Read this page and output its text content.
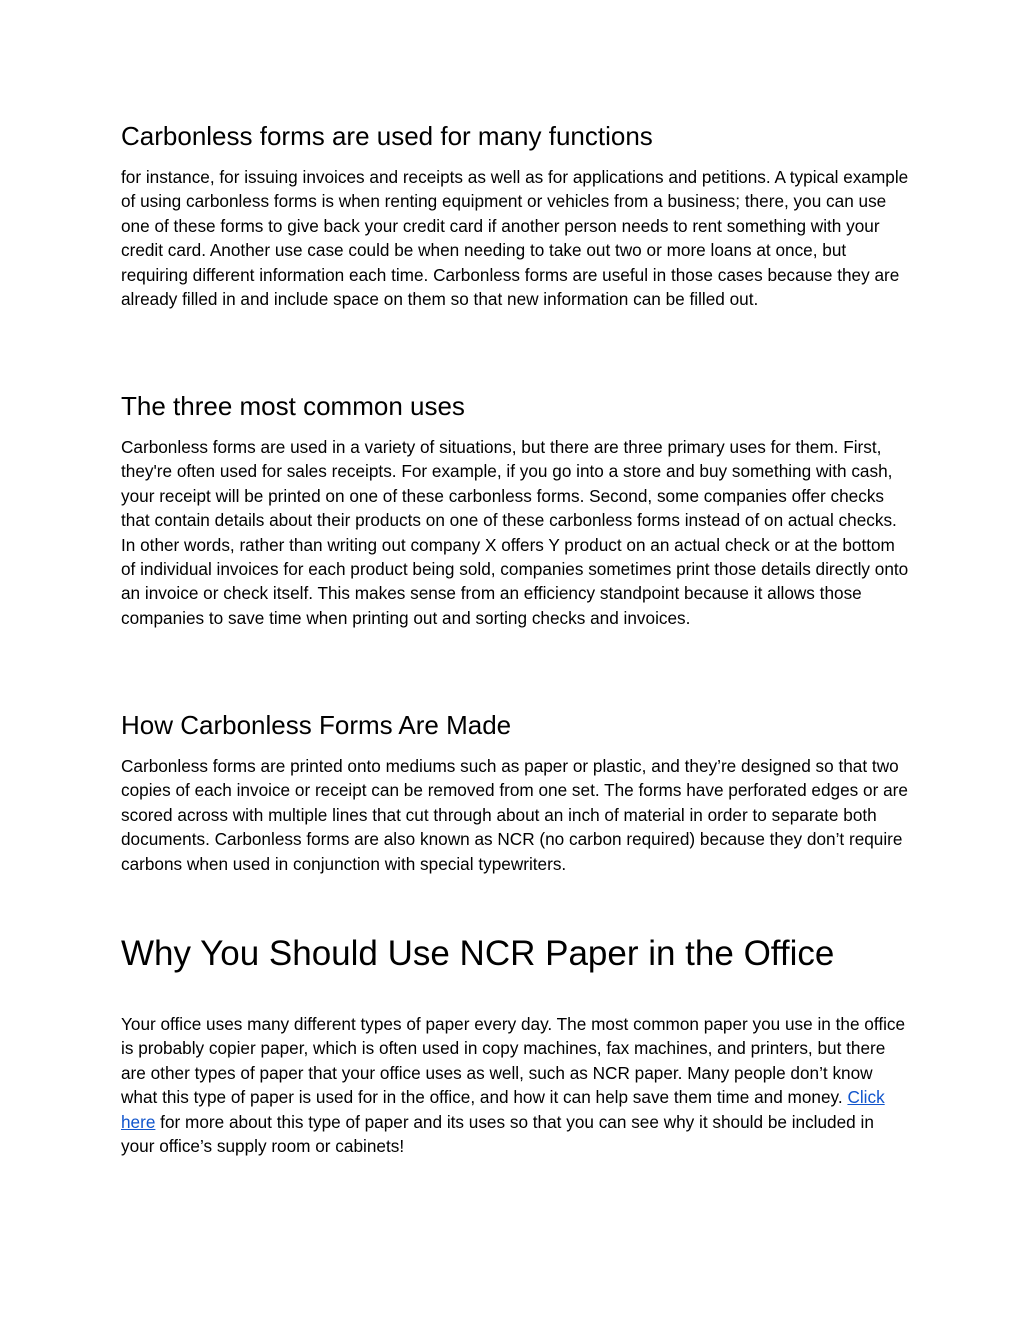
Carbonless forms are used for many functions

for instance, for issuing invoices and receipts as well as for applications and petitions. A typical example of using carbonless forms is when renting equipment or vehicles from a business; there, you can use one of these forms to give back your credit card if another person needs to rent something with your credit card. Another use case could be when needing to take out two or more loans at once, but requiring different information each time. Carbonless forms are useful in those cases because they are already filled in and include space on them so that new information can be filled out.

The three most common uses

Carbonless forms are used in a variety of situations, but there are three primary uses for them. First, they're often used for sales receipts. For example, if you go into a store and buy something with cash, your receipt will be printed on one of these carbonless forms. Second, some companies offer checks that contain details about their products on one of these carbonless forms instead of on actual checks. In other words, rather than writing out company X offers Y product on an actual check or at the bottom of individual invoices for each product being sold, companies sometimes print those details directly onto an invoice or check itself. This makes sense from an efficiency standpoint because it allows those companies to save time when printing out and sorting checks and invoices.

How Carbonless Forms Are Made

Carbonless forms are printed onto mediums such as paper or plastic, and they’re designed so that two copies of each invoice or receipt can be removed from one set. The forms have perforated edges or are scored across with multiple lines that cut through about an inch of material in order to separate both documents. Carbonless forms are also known as NCR (no carbon required) because they don’t require carbons when used in conjunction with special typewriters.

Why You Should Use NCR Paper in the Office

Your office uses many different types of paper every day. The most common paper you use in the office is probably copier paper, which is often used in copy machines, fax machines, and printers, but there are other types of paper that your office uses as well, such as NCR paper. Many people don’t know what this type of paper is used for in the office, and how it can help save them time and money. Click here for more about this type of paper and its uses so that you can see why it should be included in your office’s supply room or cabinets!
